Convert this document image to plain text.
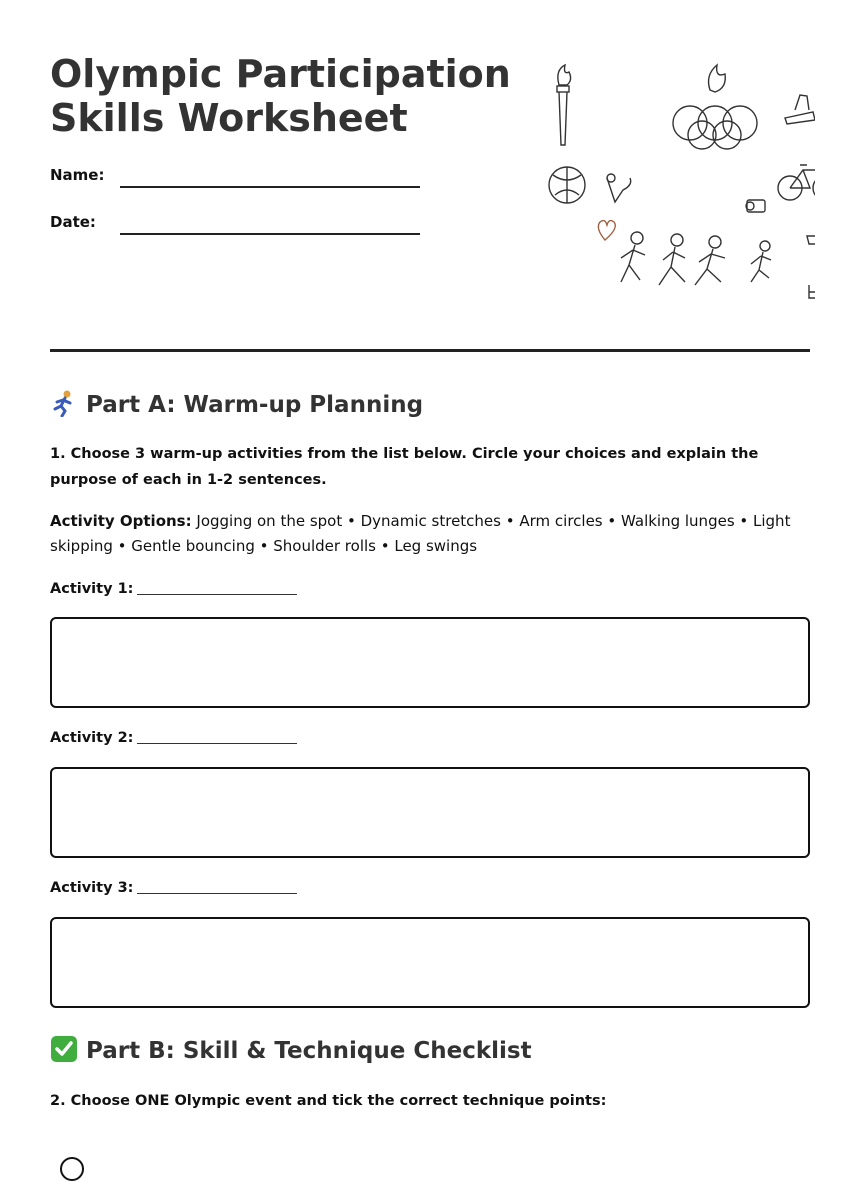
Olympic Participation Skills Worksheet
Name:
Date:
Part A: Warm-up Planning
1. Choose 3 warm-up activities from the list below. Circle your choices and explain the purpose of each in 1-2 sentences.
Activity Options: Jogging on the spot • Dynamic stretches • Arm circles • Walking lunges • Light skipping • Gentle bouncing • Shoulder rolls • Leg swings
Activity 1:
Activity 2:
Activity 3:
Part B: Skill & Technique Checklist
2. Choose ONE Olympic event and tick the correct technique points:
